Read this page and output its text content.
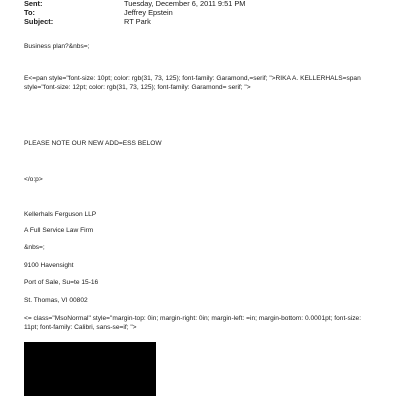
Sent:	Tuesday, December 6, 2011 9:51 PM
To:	Jeffrey Epstein
Subject:	RT Park
Business plan?&nbs=;
E<=pan style="font-size: 10pt; color: rgb(31, 73, 125); font-family: Garamond,=serif; ">RIKA A. KELLERHALS=span style="font-size: 12pt; color: rgb(31, 73, 125); font-family: Garamond= serif; ">
PLEASE NOTE OUR NEW ADD=ESS BELOW
</o:p>
Kellerhals Ferguson LLP
A Full Service Law Firm
&nbs=;
9100 Havensight
Port of Sale, Su=te 15-16
St. Thomas, VI 00802
<= class="MsoNormal" style="margin-top: 0in; margin-right: 0in; margin-left: =in; margin-bottom: 0.0001pt; font-size: 11pt; font-family: Calibri, sans-se=if; ">
